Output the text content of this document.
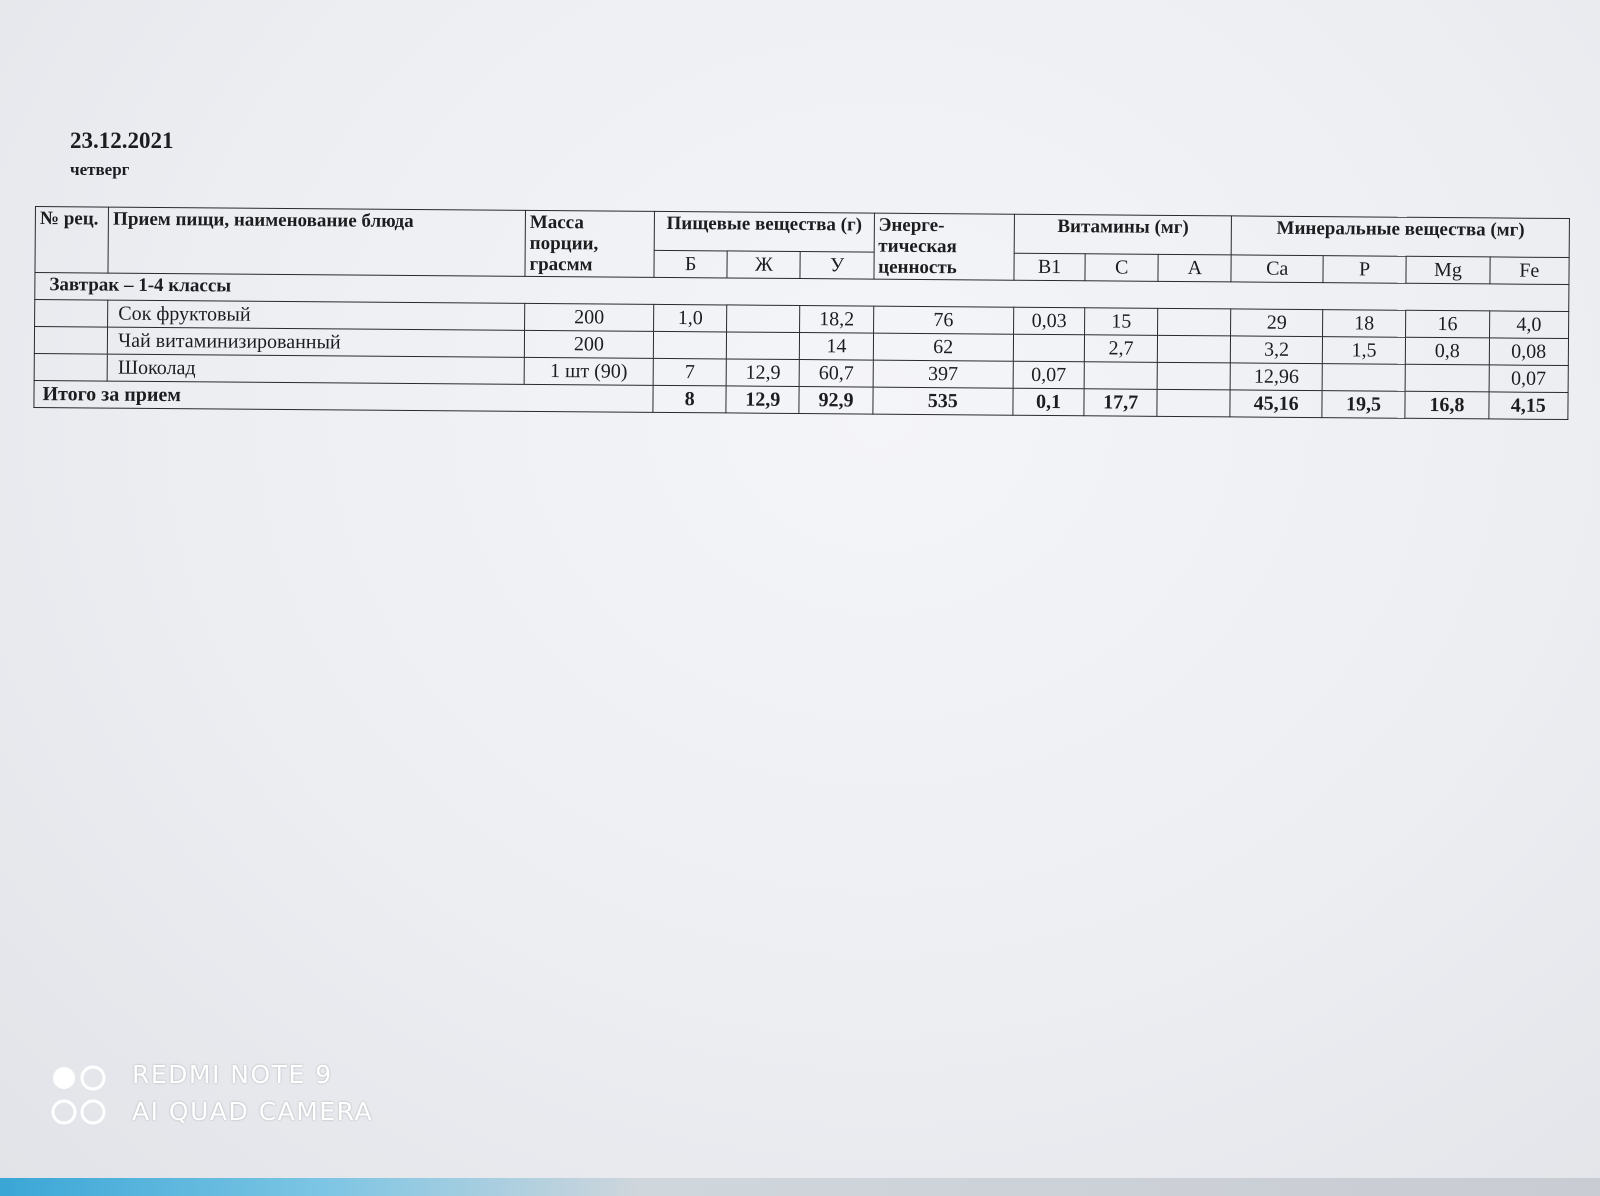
23.12.2021
четверг
№ рец.	Прием пищи, наименование блюда	Масса порции, грасмм	Пищевые вещества (г)			Энерге-тическая ценность	Витамины (мг)			Минеральные вещества (мг)			
			Б	Ж	У		B1	C	A	Ca	P	Mg	Fe
Завтрак – 1-4 классы													
	Сок фруктовый	200	1,0		18,2	76	0,03	15		29	18	16	4,0
	Чай витаминизированный	200			14	62		2,7		3,2	1,5	0,8	0,08
	Шоколад	1 шт (90)	7	12,9	60,7	397	0,07			12,96			0,07
Итого за прием			8	12,9	92,9	535	0,1	17,7		45,16	19,5	16,8	4,15
REDMI NOTE 9
AI QUAD CAMERA
